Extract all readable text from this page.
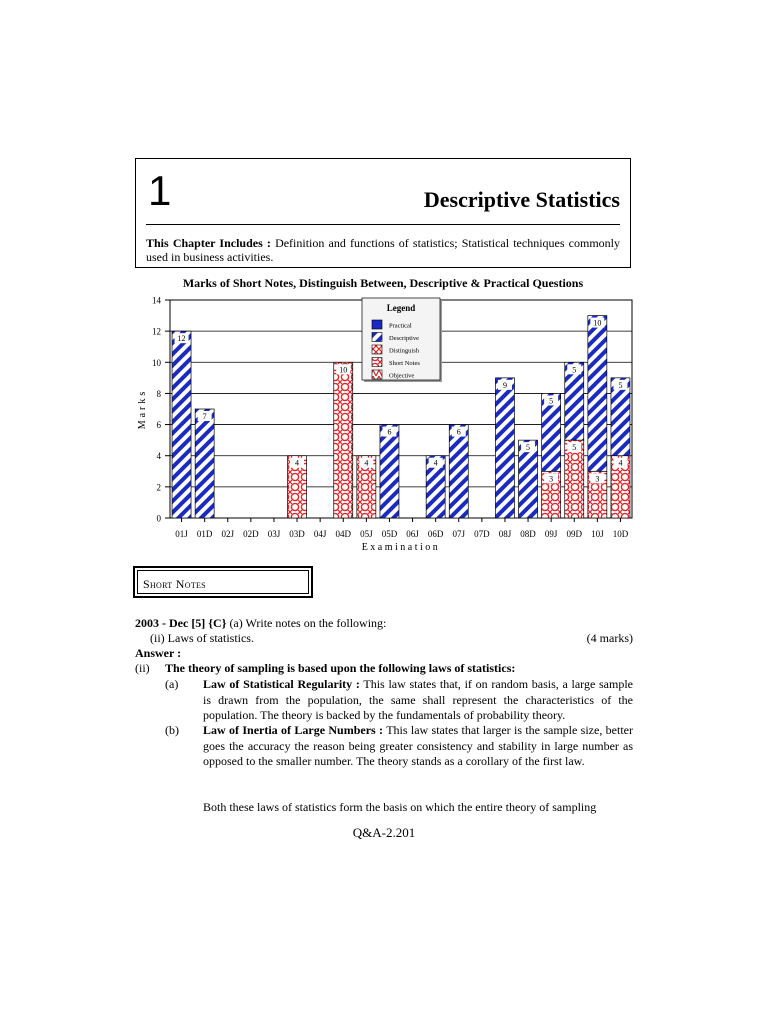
1	Descriptive Statistics
This Chapter Includes : Definition and functions of statistics; Statistical techniques commonly used in business activities.
Marks of Short Notes, Distinguish Between, Descriptive & Practical Questions
12
7
4
10
4
6
4
6
9
5
5
3
5
5
10
3
5
4
0
2
4
6
8
10
12
14
01J 01D 02J 02D 03J 03D 04J 04D 05J 05D 06J 06D 07J 07D 08J 08D 09J 09D 10J 10D
Marks
Examination
Legend
Practical
Descriptive
Distinguish
Short Notes
Objective
Short Notes
2003 - Dec [5] {C} (a) Write notes on the following:
(ii) Laws of statistics.	(4 marks)
Answer :
(ii) The theory of sampling is based upon the following laws of statistics:
(a) Law of Statistical Regularity : This law states that, if on random basis, a large sample is drawn from the population, the same shall represent the characteristics of the population. The theory is backed by the fundamentals of probability theory.
(b) Law of Inertia of Large Numbers : This law states that larger is the sample size, better goes the accuracy the reason being greater consistency and stability in large number as opposed to the smaller number. The theory stands as a corollary of the first law.
Both these laws of statistics form the basis on which the entire theory of sampling
Q&A-2.201
